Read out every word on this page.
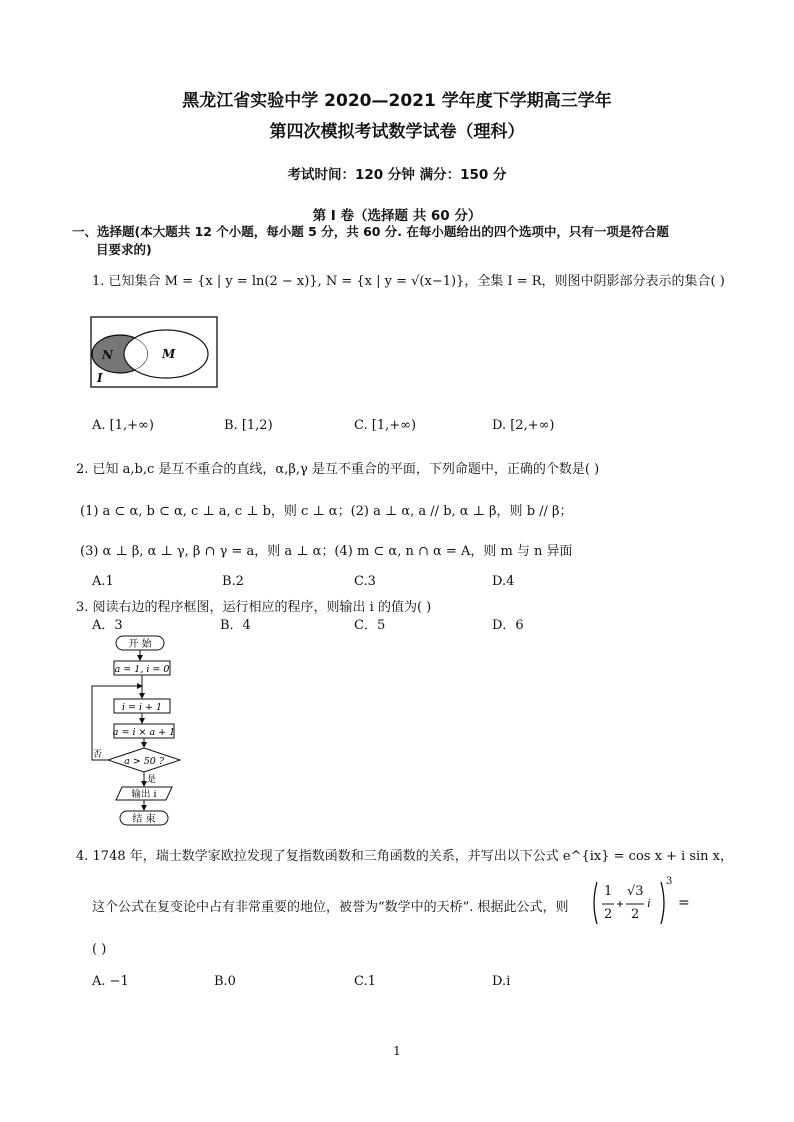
黑龙江省实验中学 2020—2021 学年度下学期高三学年
第四次模拟考试数学试卷（理科）
考试时间：120 分钟 满分：150 分
第 I 卷（选择题 共 60 分）
一、选择题(本大题共 12 个小题，每小题 5 分，共 60 分. 在每小题给出的四个选项中，只有一项是符合题
目要求的)
1. 已知集合 M = {x | y = ln(2 − x)}, N = {x | y = √(x−1)}，全集 I = R，则图中阴影部分表示的集合( )
N	M
I
A. [1,+∞)	B. [1,2)	C. [1,+∞)	D. [2,+∞)
2. 已知 a,b,c 是互不重合的直线，α,β,γ 是互不重合的平面，下列命题中，正确的个数是( )
(1) a ⊂ α, b ⊂ α, c ⊥ a, c ⊥ b，则 c ⊥ α；(2) a ⊥ α, a // b, α ⊥ β，则 b // β；
(3) α ⊥ β, α ⊥ γ, β ∩ γ = a，则 a ⊥ α；(4) m ⊂ α, n ∩ α = A，则 m 与 n 异面
A.1	B.2	C.3	D.4
3. 阅读右边的程序框图，运行相应的程序，则输出 i 的值为( )
A．3	B．4	C．5	D．6
开 始
a = 1, i = 0
i = i + 1
a = i × a + 1
a > 50 ?
否
是
输出 i
结 束
4. 1748 年，瑞士数学家欧拉发现了复指数函数和三角函数的关系，并写出以下公式 e^{ix} = cos x + i sin x，
这个公式在复变论中占有非常重要的地位，被誉为“数学中的天桥”. 根据此公式，则
1
2
√3
2
i
3
=
( )
A. −1	B.0	C.1	D.i
1
